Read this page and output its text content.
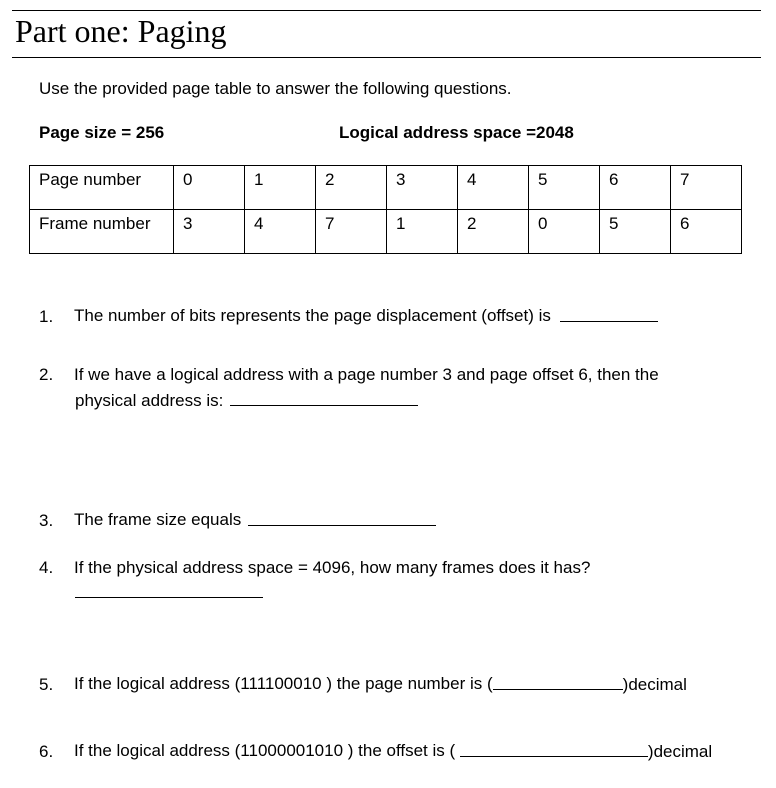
Part one: Paging
Use the provided page table to answer the following questions.
Page size = 256	Logical address space =2048
Page number	0	1	2	3	4	5	6	7
Frame number	3	4	7	1	2	0	5	6
1. The number of bits represents the page displacement (offset) is
2. If we have a logical address with a page number 3 and page offset 6, then the
physical address is:
3. The frame size equals
4. If the physical address space = 4096, how many frames does it has?
5. If the logical address (111100010 ) the page number is (	)decimal
6. If the logical address (11000001010 ) the offset is (	)decimal
